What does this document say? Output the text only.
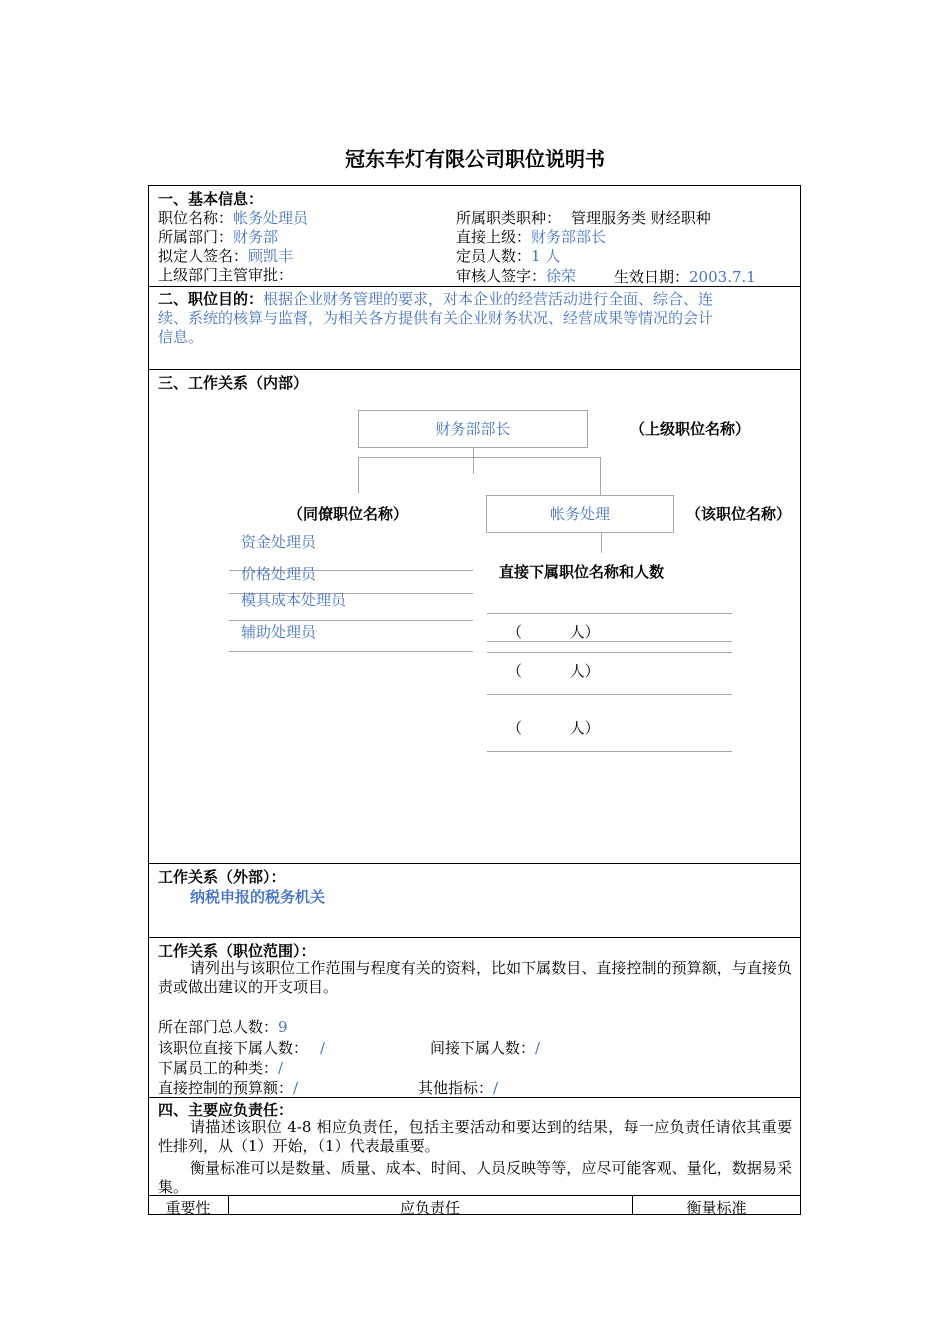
冠东车灯有限公司职位说明书
一、基本信息：
职位名称：帐务处理员	所属职类职种： 管理服务类 财经职种
所属部门：财务部	直接上级：财务部部长
拟定人签名：顾凯丰	定员人数：1 人
上级部门主管审批：	审核人签字：徐荣	生效日期：2003.7.1
二、职位目的：根据企业财务管理的要求，对本企业的经营活动进行全面、综合、连
续、系统的核算与监督，为相关各方提供有关企业财务状况、经营成果等情况的会计
信息。
三、工作关系（内部）
财务部部长	（上级职位名称）
（同僚职位名称）	帐务处理	（该职位名称）
资金处理员
价格处理员
模具成本处理员
辅助处理员
直接下属职位名称和人数
（          人）
（          人）
（          人）
工作关系（外部）：
纳税申报的税务机关
工作关系（职位范围）：
请列出与该职位工作范围与程度有关的资料，比如下属数目、直接控制的预算额，与直接负责或做出建议的开支项目。
所在部门总人数：9
该职位直接下属人数： /	间接下属人数：/
下属员工的种类：/
直接控制的预算额：/	其他指标：/
四、主要应负责任：
请描述该职位 4-8 相应负责任，包括主要活动和要达到的结果，每一应负责任请依其重要性排列，从（1）开始，（1）代表最重要。
衡量标准可以是数量、质量、成本、时间、人员反映等等，应尽可能客观、量化，数据易采集。
重要性	应负责任	衡量标准
